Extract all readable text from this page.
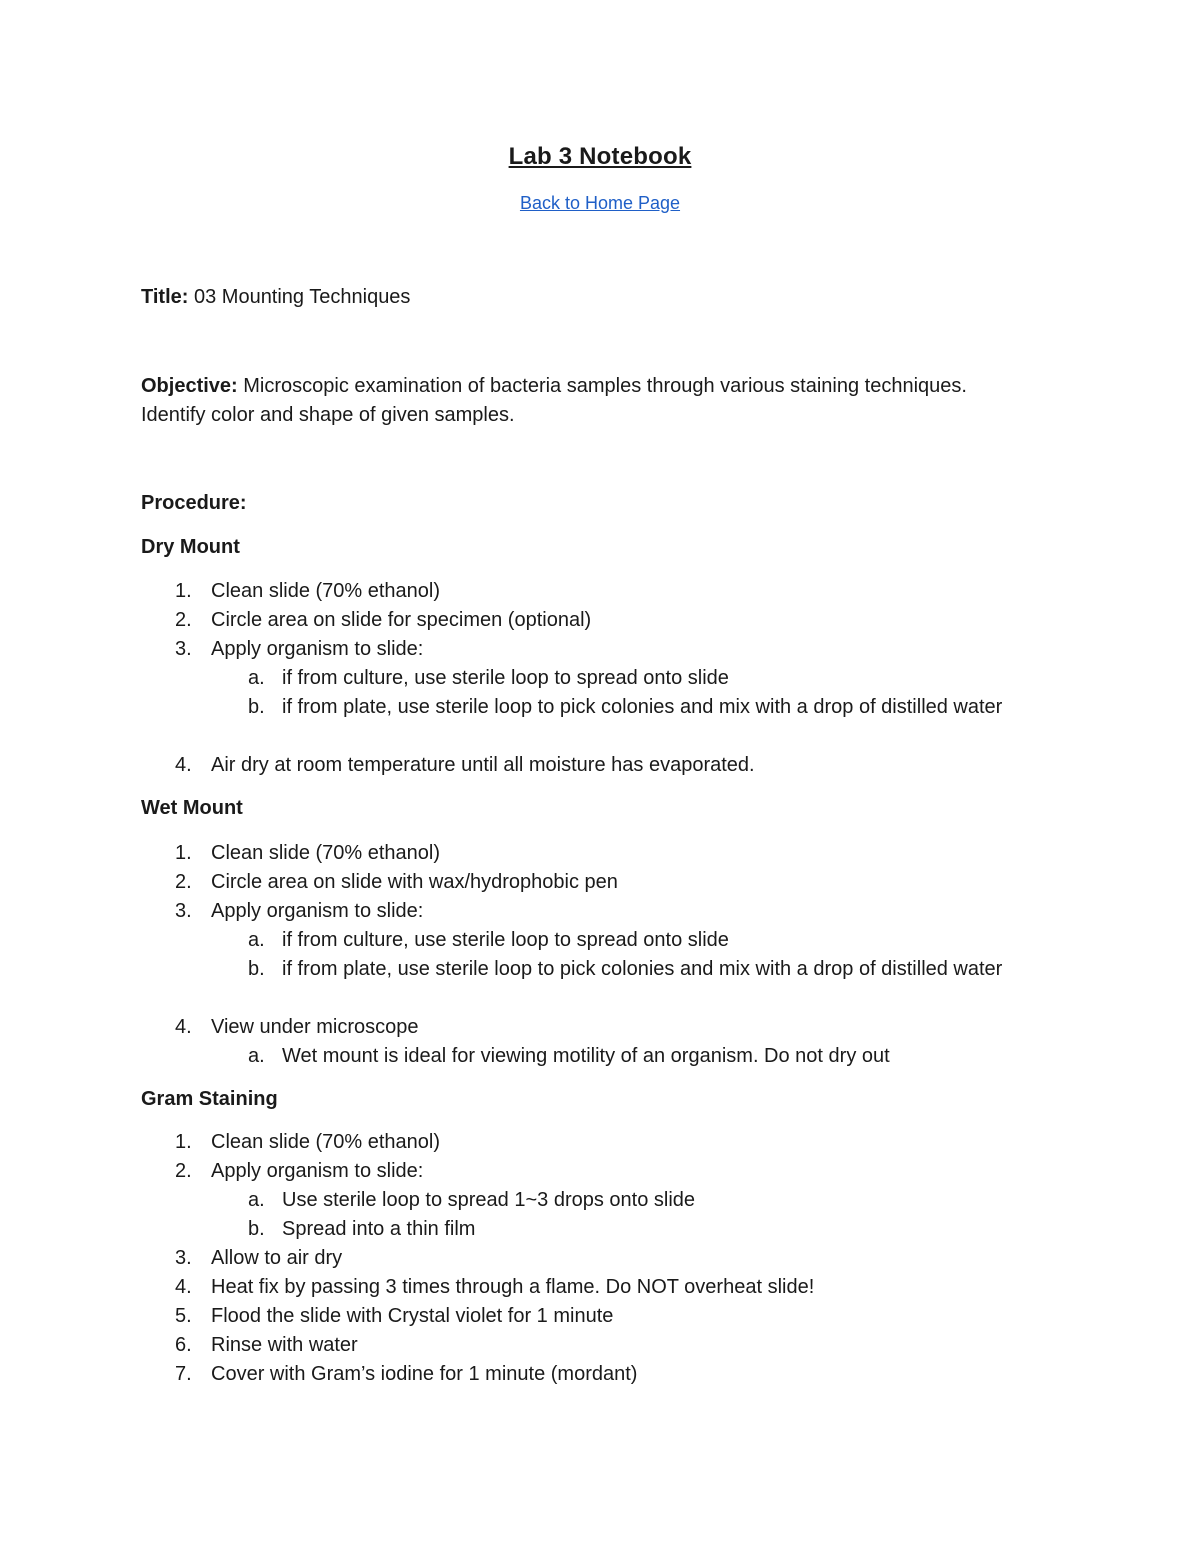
Lab 3 Notebook
Back to Home Page
Title: 03 Mounting Techniques
Objective: Microscopic examination of bacteria samples through various staining techniques.
Identify color and shape of given samples.
Procedure:
Dry Mount
1. Clean slide (70% ethanol)
2. Circle area on slide for specimen (optional)
3. Apply organism to slide:
a. if from culture, use sterile loop to spread onto slide
b. if from plate, use sterile loop to pick colonies and mix with a drop of distilled water
4. Air dry at room temperature until all moisture has evaporated.
Wet Mount
1. Clean slide (70% ethanol)
2. Circle area on slide with wax/hydrophobic pen
3. Apply organism to slide:
a. if from culture, use sterile loop to spread onto slide
b. if from plate, use sterile loop to pick colonies and mix with a drop of distilled water
4. View under microscope
a. Wet mount is ideal for viewing motility of an organism. Do not dry out
Gram Staining
1. Clean slide (70% ethanol)
2. Apply organism to slide:
a. Use sterile loop to spread 1~3 drops onto slide
b. Spread into a thin film
3. Allow to air dry
4. Heat fix by passing 3 times through a flame. Do NOT overheat slide!
5. Flood the slide with Crystal violet for 1 minute
6. Rinse with water
7. Cover with Gram’s iodine for 1 minute (mordant)
